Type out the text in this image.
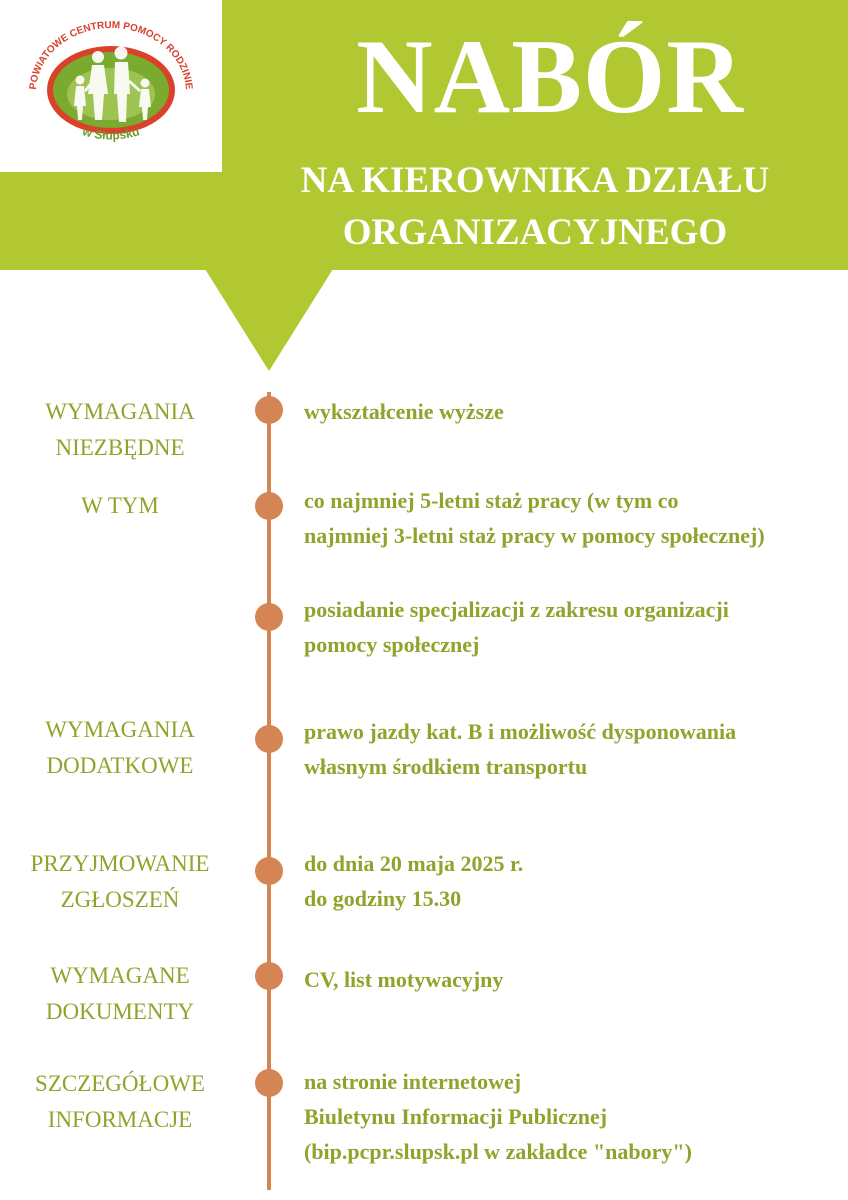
POWIATOWE CENTRUM POMOCY RODZINIE
w Słupsku	NABÓR
NA KIEROWNIKA DZIAŁU
ORGANIZACYJNEGO
WYMAGANIA
NIEZBĘDNE
wykształcenie wyższe
W TYM	co najmniej 5-letni staż pracy (w tym co
najmniej 3-letni staż pracy w pomocy społecznej)
posiadanie specjalizacji z zakresu organizacji
pomocy społecznej
WYMAGANIA
DODATKOWE
prawo jazdy kat. B i możliwość dysponowania
własnym środkiem transportu
PRZYJMOWANIE
ZGŁOSZEŃ
do dnia 20 maja 2025 r.
do godziny 15.30
WYMAGANE
DOKUMENTY
CV, list motywacyjny
SZCZEGÓŁOWE
INFORMACJE
na stronie internetowej
Biuletynu Informacji Publicznej
(bip.pcpr.slupsk.pl w zakładce "nabory")
